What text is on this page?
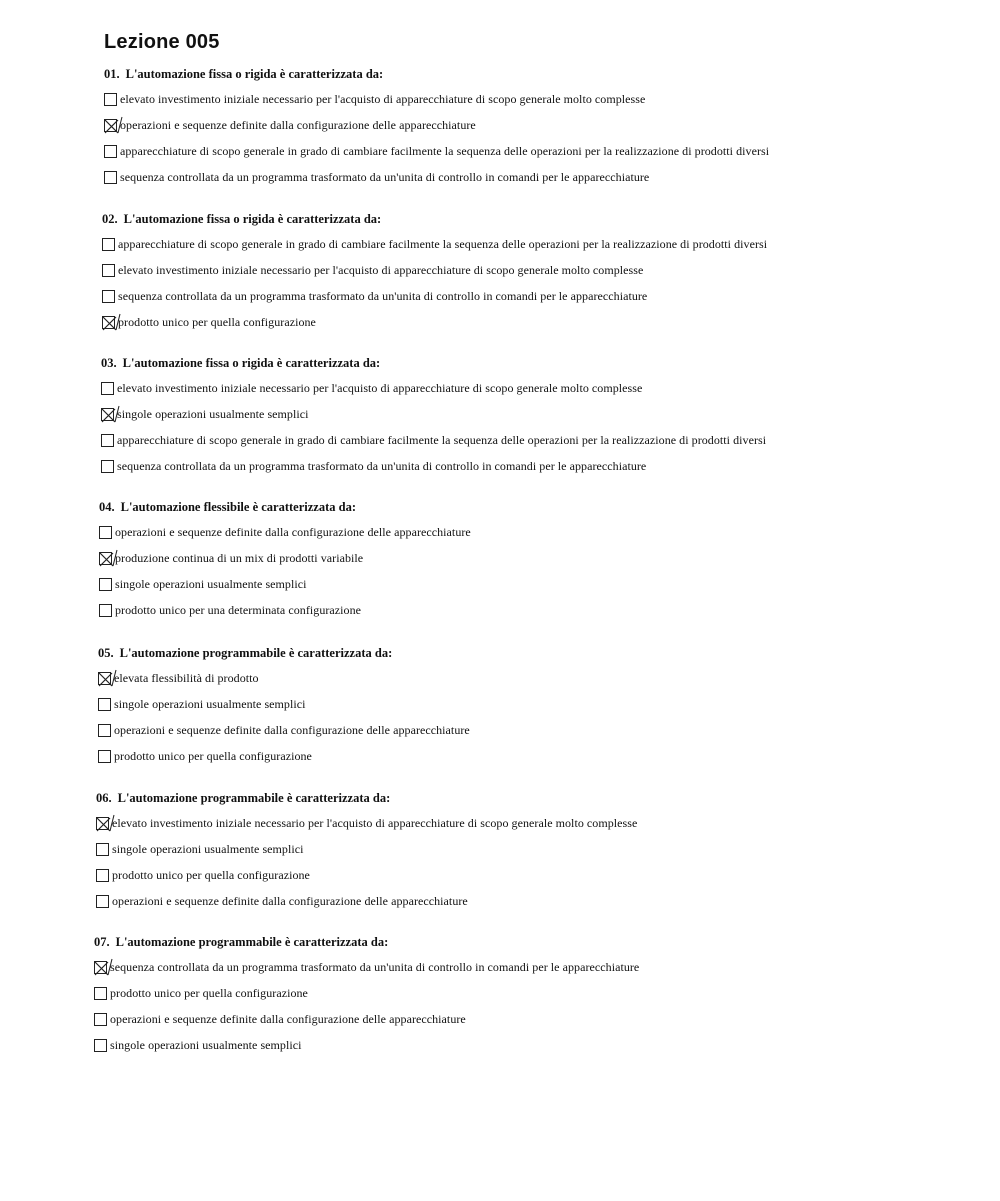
Lezione 005
01. L'automazione fissa o rigida è caratterizzata da:
elevato investimento iniziale necessario per l'acquisto di apparecchiature di scopo generale molto complesse
operazioni e sequenze definite dalla configurazione delle apparecchiature
apparecchiature di scopo generale in grado di cambiare facilmente la sequenza delle operazioni per la realizzazione di prodotti diversi
sequenza controllata da un programma trasformato da un'unita di controllo in comandi per le apparecchiature
02. L'automazione fissa o rigida è caratterizzata da:
apparecchiature di scopo generale in grado di cambiare facilmente la sequenza delle operazioni per la realizzazione di prodotti diversi
elevato investimento iniziale necessario per l'acquisto di apparecchiature di scopo generale molto complesse
sequenza controllata da un programma trasformato da un'unita di controllo in comandi per le apparecchiature
prodotto unico per quella configurazione
03. L'automazione fissa o rigida è caratterizzata da:
elevato investimento iniziale necessario per l'acquisto di apparecchiature di scopo generale molto complesse
singole operazioni usualmente semplici
apparecchiature di scopo generale in grado di cambiare facilmente la sequenza delle operazioni per la realizzazione di prodotti diversi
sequenza controllata da un programma trasformato da un'unita di controllo in comandi per le apparecchiature
04. L'automazione flessibile è caratterizzata da:
operazioni e sequenze definite dalla configurazione delle apparecchiature
produzione continua di un mix di prodotti variabile
singole operazioni usualmente semplici
prodotto unico per una determinata configurazione
05. L'automazione programmabile è caratterizzata da:
elevata flessibilità di prodotto
singole operazioni usualmente semplici
operazioni e sequenze definite dalla configurazione delle apparecchiature
prodotto unico per quella configurazione
06. L'automazione programmabile è caratterizzata da:
elevato investimento iniziale necessario per l'acquisto di apparecchiature di scopo generale molto complesse
singole operazioni usualmente semplici
prodotto unico per quella configurazione
operazioni e sequenze definite dalla configurazione delle apparecchiature
07. L'automazione programmabile è caratterizzata da:
sequenza controllata da un programma trasformato da un'unita di controllo in comandi per le apparecchiature
prodotto unico per quella configurazione
operazioni e sequenze definite dalla configurazione delle apparecchiature
singole operazioni usualmente semplici
